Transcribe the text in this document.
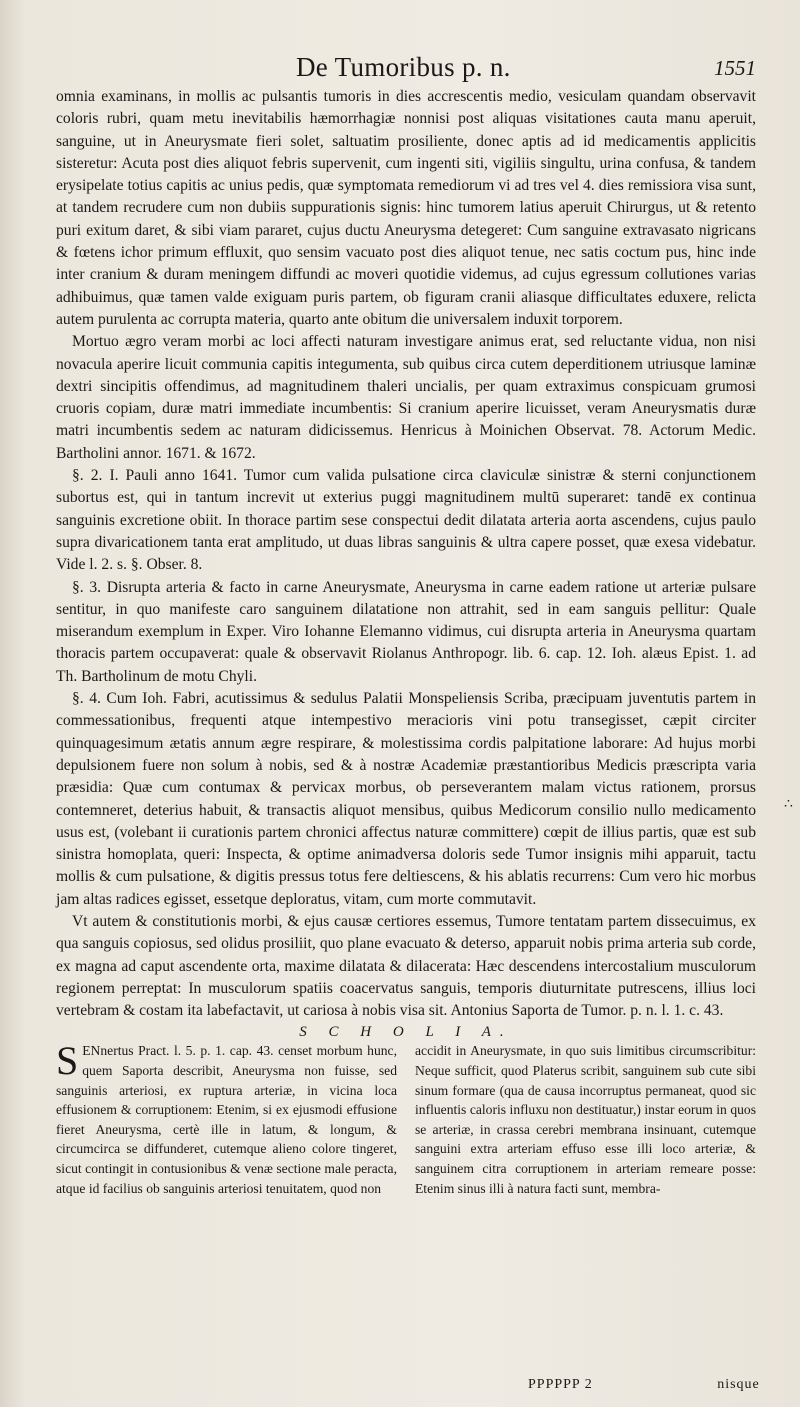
De Tumoribus p. n.	1551

omnia examinans, in mollis ac pulsantis tumoris in dies accrescentis medio, vesiculam quandam observavit coloris rubri, quam metu inevitabilis hæmorrhagiæ nonnisi post aliquas visitationes cauta manu aperuit, sanguine, ut in Aneurysmate fieri solet, saltuatim prosiliente, donec aptis ad id medicamentis applicitis sisteretur: Acuta post dies aliquot febris supervenit, cum ingenti siti, vigiliis singultu, urina confusa, & tandem erysipelate totius capitis ac unius pedis, quæ symptomata remediorum vi ad tres vel 4. dies remissiora visa sunt, at tandem recrudere cum non dubiis suppurationis signis: hinc tumorem latius aperuit Chirurgus, ut & retento puri exitum daret, & sibi viam pararet, cujus ductu Aneurysma detegeret: Cum sanguine extravasato nigricans & fœtens ichor primum effluxit, quo sensim vacuato post dies aliquot tenue, nec satis coctum pus, hinc inde inter cranium & duram meningem diffundi ac moveri quotidie videmus, ad cujus egressum collutiones varias adhibuimus, quæ tamen valde exiguam puris partem, ob figuram cranii aliasque difficultates eduxere, relicta autem purulenta ac corrupta materia, quarto ante obitum die universalem induxit torporem.

Mortuo ægro veram morbi ac loci affecti naturam investigare animus erat, sed reluctante vidua, non nisi novacula aperire licuit communia capitis integumenta, sub quibus circa cutem deperditionem utriusque laminæ dextri sincipitis offendimus, ad magnitudinem thaleri uncialis, per quam extraximus conspicuam grumosi cruoris copiam, duræ matri immediate incumbentis: Si cranium aperire licuisset, veram Aneurysmatis duræ matri incumbentis sedem ac naturam didicissemus. Henricus à Moinichen Observat. 78. Actorum Medic. Bartholini annor. 1671. & 1672.

§. 2. I. Pauli anno 1641. Tumor cum valida pulsatione circa claviculæ sinistræ & sterni conjunctionem subortus est, qui in tantum increvit ut exterius puggi magnitudinem multū superaret: tandē ex continua sanguinis excretione obiit. In thorace partim sese conspectui dedit dilatata arteria aorta ascendens, cujus paulo supra divaricationem tanta erat amplitudo, ut duas libras sanguinis & ultra capere posset, quæ exesa videbatur. Vide l. 2. s. §. Obser. 8.

§. 3. Disrupta arteria & facto in carne Aneurysmate, Aneurysma in carne eadem ratione ut arteriæ pulsare sentitur, in quo manifeste caro sanguinem dilatatione non attrahit, sed in eam sanguis pellitur: Quale miserandum exemplum in Exper. Viro Iohanne Elemanno vidimus, cui disrupta arteria in Aneurysma quartam thoracis partem occupaverat: quale & observavit Riolanus Anthropogr. lib. 6. cap. 12. Ioh. alæus Epist. 1. ad Th. Bartholinum de motu Chyli.

§. 4. Cum Ioh. Fabri, acutissimus & sedulus Palatii Monspeliensis Scriba, præcipuam juventutis partem in commessationibus, frequenti atque intempestivo meracioris vini potu transegisset, cæpit circiter quinquagesimum ætatis annum ægre respirare, & molestissima cordis palpitatione laborare: Ad hujus morbi depulsionem fuere non solum à nobis, sed & à nostræ Academiæ præstantioribus Medicis præscripta varia præsidia: Quæ cum contumax & pervicax morbus, ob perseverantem malam victus rationem, prorsus contemneret, deterius habuit, & transactis aliquot mensibus, quibus Medicorum consilio nullo medicamento usus est, (volebant ii curationis partem chronici affectus naturæ committere) cœpit de illius partis, quæ est sub sinistra homoplata, queri: Inspecta, & optime animadversa doloris sede Tumor insignis mihi apparuit, tactu mollis & cum pulsatione, & digitis pressus totus fere deltiescens, & his ablatis recurrens: Cum vero hic morbus jam altas radices egisset, essetque deploratus, vitam, cum morte commutavit.

Vt autem & constitutionis morbi, & ejus causæ certiores essemus, Tumore tentatam partem dissecuimus, ex qua sanguis copiosus, sed olidus prosiliit, quo plane evacuato & deterso, apparuit nobis prima arteria sub corde, ex magna ad caput ascendente orta, maxime dilatata & dilacerata: Hæc descendens intercostalium musculorum regionem perreptat: In musculorum spatiis coacervatus sanguis, temporis diuturnitate putrescens, illius loci vertebram & costam ita labefactavit, ut cariosa à nobis visa sit. Antonius Saporta de Tumor. p. n. l. 1. c. 43.

S C H O L I A.
S ENnertus Pract. l. 5. p. 1. cap. 43. censet morbum hunc, quem Saporta describit, Aneurysma non fuisse, sed sanguinis arteriosi, ex ruptura arteriæ, in vicina loca effusionem & corruptionem: Etenim, si ex ejusmodi effusione fieret Aneurysma, certè ille in latum, & longum, & circumcirca se diffunderet, cutemque alieno colore tingeret, sicut contingit in contusionibus & venæ sectione male peracta, atque id facilius ob sanguinis arteriosi tenuitatem, quod non
accidit in Aneurysmate, in quo suis limitibus circumscribitur: Neque sufficit, quod Platerus scribit, sanguinem sub cute sibi sinum formare (qua de causa incorruptus permaneat, quod sic influentis caloris influxu non destituatur,) instar eorum in quos se arteriæ, in crassa cerebri membrana insinuant, cutemque sanguini extra arteriam effuso esse illi loco arteriæ, & sanguinem citra corruptionem in arteriam remeare posse: Etenim sinus illi à natura facti sunt, membra-
PPPPPP 2	nisque
∴
